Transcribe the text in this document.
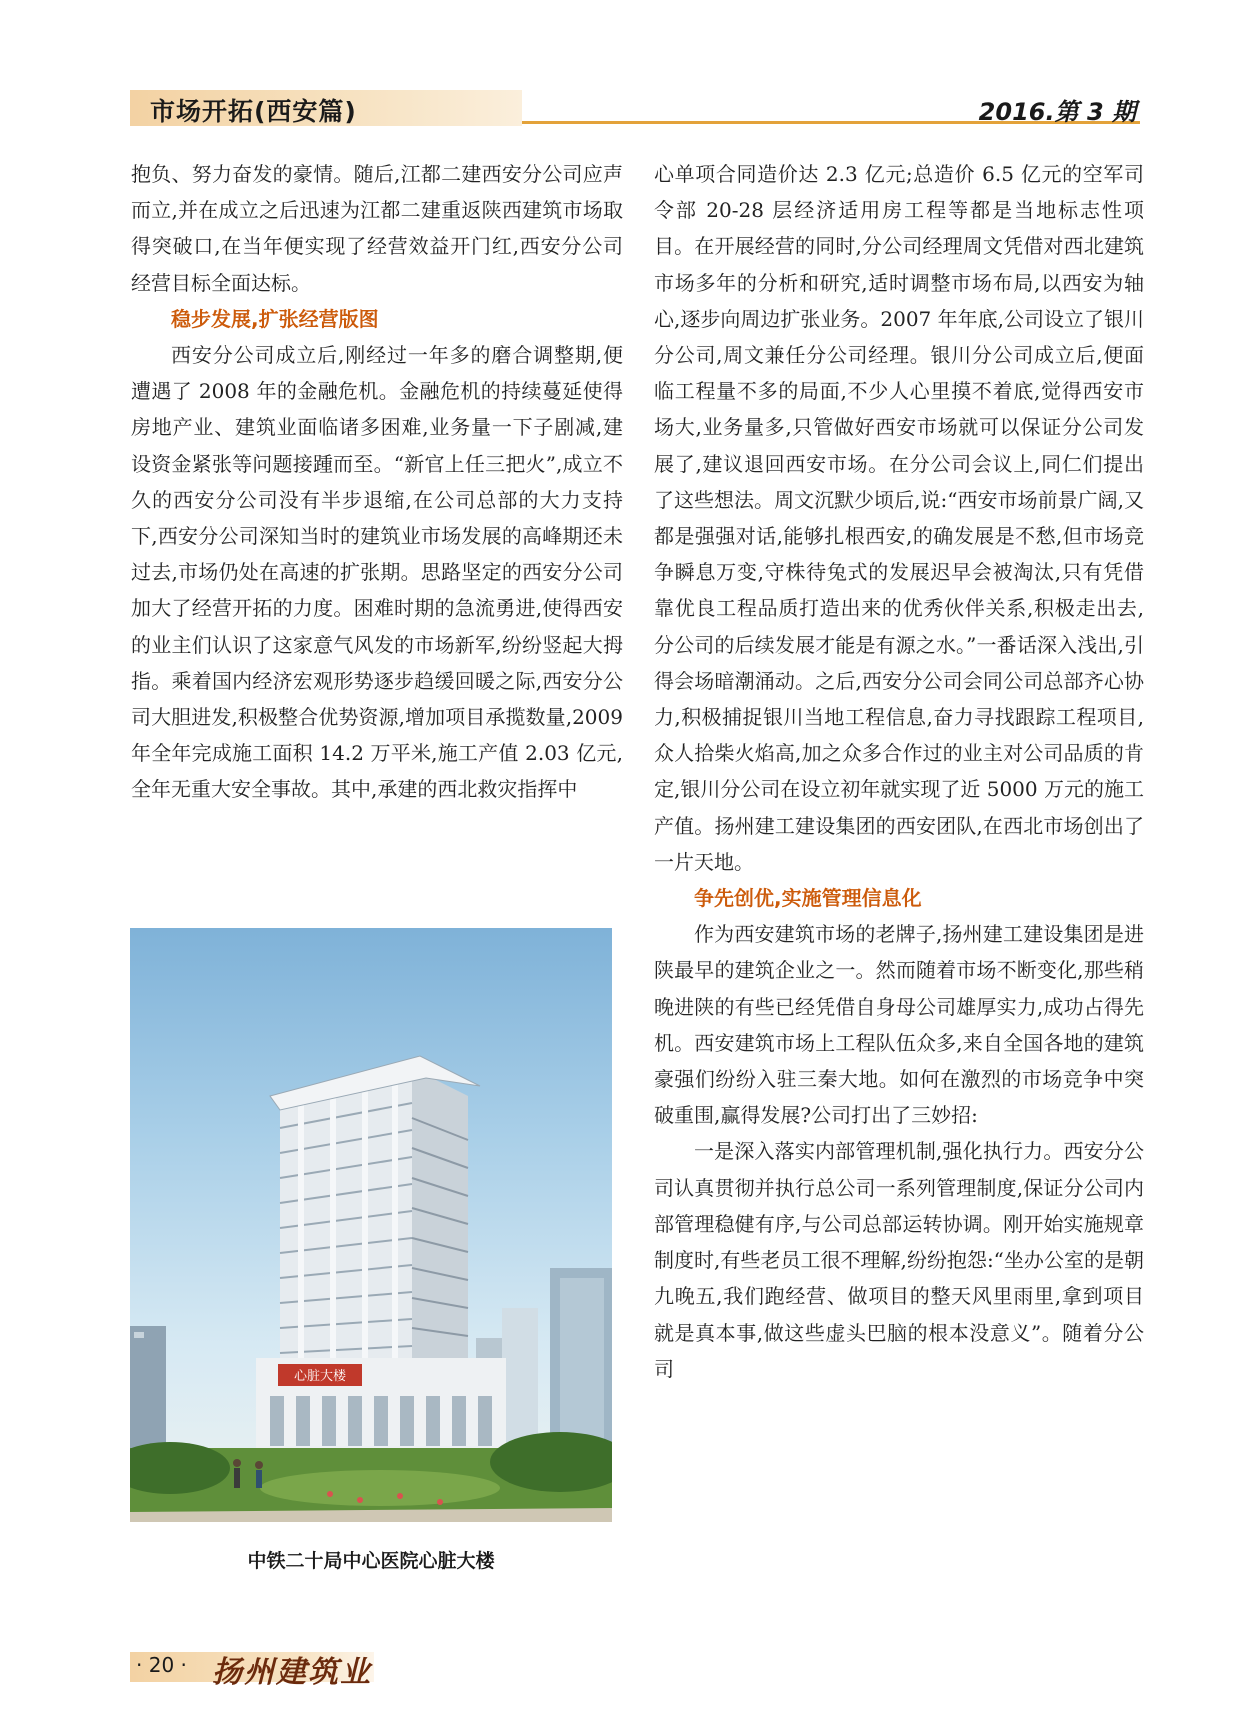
市场开拓(西安篇)	2016.第 3 期

抱负、努力奋发的豪情。随后,江都二建西安分公司应声而立,并在成立之后迅速为江都二建重返陕西建筑市场取得突破口,在当年便实现了经营效益开门红,西安分公司经营目标全面达标。

稳步发展,扩张经营版图

西安分公司成立后,刚经过一年多的磨合调整期,便遭遇了 2008 年的金融危机。金融危机的持续蔓延使得房地产业、建筑业面临诸多困难,业务量一下子剧减,建设资金紧张等问题接踵而至。“新官上任三把火”,成立不久的西安分公司没有半步退缩,在公司总部的大力支持下,西安分公司深知当时的建筑业市场发展的高峰期还未过去,市场仍处在高速的扩张期。思路坚定的西安分公司加大了经营开拓的力度。困难时期的急流勇进,使得西安的业主们认识了这家意气风发的市场新军,纷纷竖起大拇指。乘着国内经济宏观形势逐步趋缓回暖之际,西安分公司大胆进发,积极整合优势资源,增加项目承揽数量,2009 年全年完成施工面积 14.2 万平米,施工产值 2.03 亿元,全年无重大安全事故。其中,承建的西北救灾指挥中

心单项合同造价达 2.3 亿元;总造价 6.5 亿元的空军司令部 20-28 层经济适用房工程等都是当地标志性项目。在开展经营的同时,分公司经理周文凭借对西北建筑市场多年的分析和研究,适时调整市场布局,以西安为轴心,逐步向周边扩张业务。2007 年年底,公司设立了银川分公司,周文兼任分公司经理。银川分公司成立后,便面临工程量不多的局面,不少人心里摸不着底,觉得西安市场大,业务量多,只管做好西安市场就可以保证分公司发展了,建议退回西安市场。在分公司会议上,同仁们提出了这些想法。周文沉默少顷后,说:“西安市场前景广阔,又都是强强对话,能够扎根西安,的确发展是不愁,但市场竞争瞬息万变,守株待兔式的发展迟早会被淘汰,只有凭借靠优良工程品质打造出来的优秀伙伴关系,积极走出去,分公司的后续发展才能是有源之水。”一番话深入浅出,引得会场暗潮涌动。之后,西安分公司会同公司总部齐心协力,积极捕捉银川当地工程信息,奋力寻找跟踪工程项目,众人拾柴火焰高,加之众多合作过的业主对公司品质的肯定,银川分公司在设立初年就实现了近 5000 万元的施工产值。扬州建工建设集团的西安团队,在西北市场创出了一片天地。

争先创优,实施管理信息化

作为西安建筑市场的老牌子,扬州建工建设集团是进陕最早的建筑企业之一。然而随着市场不断变化,那些稍晚进陕的有些已经凭借自身母公司雄厚实力,成功占得先机。西安建筑市场上工程队伍众多,来自全国各地的建筑豪强们纷纷入驻三秦大地。如何在激烈的市场竞争中突破重围,赢得发展?公司打出了三妙招:

一是深入落实内部管理机制,强化执行力。西安分公司认真贯彻并执行总公司一系列管理制度,保证分公司内部管理稳健有序,与公司总部运转协调。刚开始实施规章制度时,有些老员工很不理解,纷纷抱怨:“坐办公室的是朝九晚五,我们跑经营、做项目的整天风里雨里,拿到项目就是真本事,做这些虚头巴脑的根本没意义”。随着分公司

心脏大楼
中铁二十局中心医院心脏大楼
· 20 · 扬州建筑业
